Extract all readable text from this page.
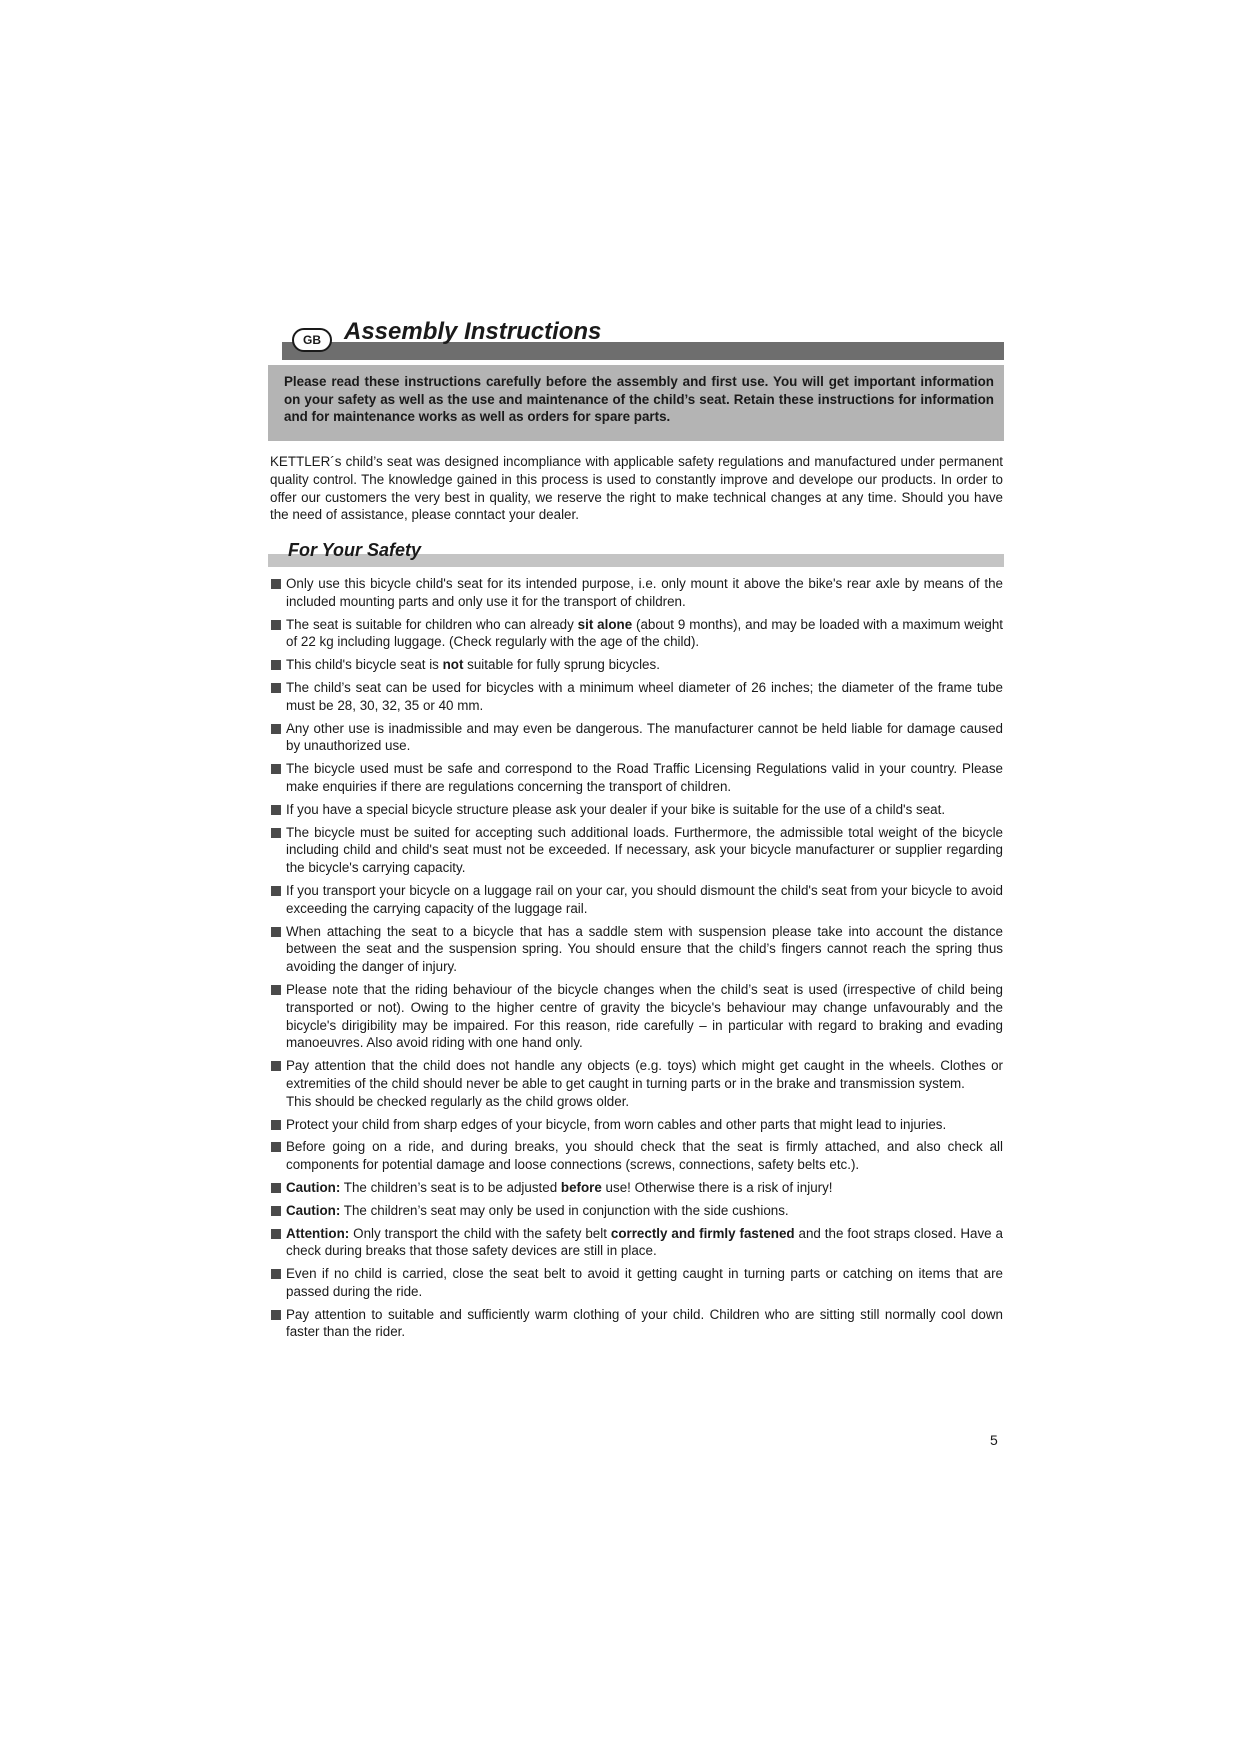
GB Assembly Instructions
Please read these instructions carefully before the assembly and first use. You will get important information on your safety as well as the use and maintenance of the child’s seat. Retain these instructions for information and for maintenance works as well as orders for spare parts.
KETTLER´s child’s seat was designed incompliance with applicable safety regulations and manufactured under permanent quality control. The knowledge gained in this process is used to constantly improve and develope our products. In order to offer our customers the very best in quality, we reserve the right to make technical changes at any time. Should you have the need of assistance, please conntact your dealer.
For Your Safety
Only use this bicycle child's seat for its intended purpose, i.e. only mount it above the bike's rear axle by means of the included mounting parts and only use it for the transport of children.
The seat is suitable for children who can already sit alone (about 9 months), and may be loaded with a maximum weight of 22 kg including luggage. (Check regularly with the age of the child).
This child's bicycle seat is not suitable for fully sprung bicycles.
The child’s seat can be used for bicycles with a minimum wheel diameter of 26 inches; the diameter of the frame tube must be 28, 30, 32, 35 or 40 mm.
Any other use is inadmissible and may even be dangerous. The manufacturer cannot be held liable for damage caused by unauthorized use.
The bicycle used must be safe and correspond to the Road Traffic Licensing Regulations valid in your country. Please make enquiries if there are regulations concerning the transport of children.
If you have a special bicycle structure please ask your dealer if your bike is suitable for the use of a child's seat.
The bicycle must be suited for accepting such additional loads. Furthermore, the admissible total weight of the bicycle including child and child's seat must not be exceeded. If necessary, ask your bicycle manufacturer or supplier regarding the bicycle's carrying capacity.
If you transport your bicycle on a luggage rail on your car, you should dismount the child's seat from your bicycle to avoid exceeding the carrying capacity of the luggage rail.
When attaching the seat to a bicycle that has a saddle stem with suspension please take into account the distance between the seat and the suspension spring. You should ensure that the child’s fingers cannot reach the spring thus avoiding the danger of injury.
Please note that the riding behaviour of the bicycle changes when the child’s seat is used (irrespective of child being transported or not). Owing to the higher centre of gravity the bicycle's behaviour may change unfavourably and the bicycle's dirigibility may be impaired. For this reason, ride carefully – in particular with regard to braking and evading manoeuvres. Also avoid riding with one hand only.
Pay attention that the child does not handle any objects (e.g. toys) which might get caught in the wheels. Clothes or extremities of the child should never be able to get caught in turning parts or in the brake and transmission system.
This should be checked regularly as the child grows older.
Protect your child from sharp edges of your bicycle, from worn cables and other parts that might lead to injuries.
Before going on a ride, and during breaks, you should check that the seat is firmly attached, and also check all components for potential damage and loose connections (screws, connections, safety belts etc.).
Caution: The children’s seat is to be adjusted before use! Otherwise there is a risk of injury!
Caution: The children’s seat may only be used in conjunction with the side cushions.
Attention: Only transport the child with the safety belt correctly and firmly fastened and the foot straps closed. Have a check during breaks that those safety devices are still in place.
Even if no child is carried, close the seat belt to avoid it getting caught in turning parts or catching on items that are passed during the ride.
Pay attention to suitable and sufficiently warm clothing of your child. Children who are sitting still normally cool down faster than the rider.
5
